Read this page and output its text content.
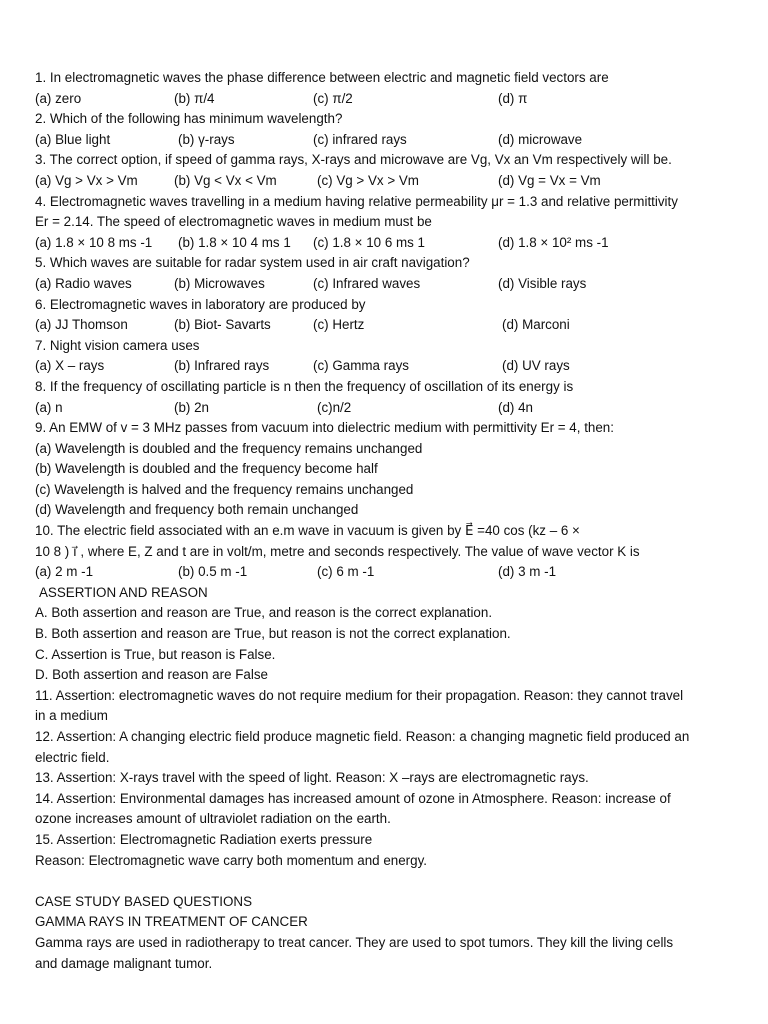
1. In electromagnetic waves the phase difference between electric and magnetic field vectors are
(a) zero	(b) π/4	(c) π/2	(d) π
2. Which of the following has minimum wavelength?
(a) Blue light	(b) γ-rays	(c) infrared rays	(d) microwave
3. The correct option, if speed of gamma rays, X-rays and microwave are Vg, Vx an Vm respectively will be.
(a) Vg > Vx > Vm	(b) Vg < Vx < Vm	(c) Vg > Vx > Vm	(d) Vg = Vx = Vm
4. Electromagnetic waves travelling in a medium having relative permeability μr = 1.3 and relative permittivity
Er = 2.14. The speed of electromagnetic waves in medium must be
(a) 1.8 × 10 8 ms -1 (b) 1.8 × 10 4 ms 1 (c) 1.8 × 10 6 ms 1	(d) 1.8 × 10² ms -1
5. Which waves are suitable for radar system used in air craft navigation?
(a) Radio waves	(b) Microwaves	(c) Infrared waves	(d) Visible rays
6. Electromagnetic waves in laboratory are produced by
(a) JJ Thomson	(b) Biot- Savarts	(c) Hertz	(d) Marconi
7. Night vision camera uses
(a) X – rays	(b) Infrared rays	(c) Gamma rays	(d) UV rays
8. If the frequency of oscillating particle is n then the frequency of oscillation of its energy is
(a) n	(b) 2n	(c)n/2	(d) 4n
9. An EMW of v = 3 MHz passes from vacuum into dielectric medium with permittivity Er = 4, then:
(a) Wavelength is doubled and the frequency remains unchanged
(b) Wavelength is doubled and the frequency become half
(c) Wavelength is halved and the frequency remains unchanged
(d) Wavelength and frequency both remain unchanged
10. The electric field associated with an e.m wave in vacuum is given by E⃗ =40 cos (kz – 6 ×
10 8 ) i⃗ , where E, Z and t are in volt/m, metre and seconds respectively. The value of wave vector K is
(a) 2 m -1	(b) 0.5 m -1	(c) 6 m -1	(d) 3 m -1
ASSERTION AND REASON
A. Both assertion and reason are True, and reason is the correct explanation.
B. Both assertion and reason are True, but reason is not the correct explanation.
C. Assertion is True, but reason is False.
D. Both assertion and reason are False
11. Assertion: electromagnetic waves do not require medium for their propagation. Reason: they cannot travel
in a medium
12. Assertion: A changing electric field produce magnetic field. Reason: a changing magnetic field produced an
electric field.
13. Assertion: X-rays travel with the speed of light. Reason: X –rays are electromagnetic rays.
14. Assertion: Environmental damages has increased amount of ozone in Atmosphere. Reason: increase of
ozone increases amount of ultraviolet radiation on the earth.
15. Assertion: Electromagnetic Radiation exerts pressure
Reason: Electromagnetic wave carry both momentum and energy.
CASE STUDY BASED QUESTIONS
GAMMA RAYS IN TREATMENT OF CANCER
Gamma rays are used in radiotherapy to treat cancer. They are used to spot tumors. They kill the living cells
and damage malignant tumor.
